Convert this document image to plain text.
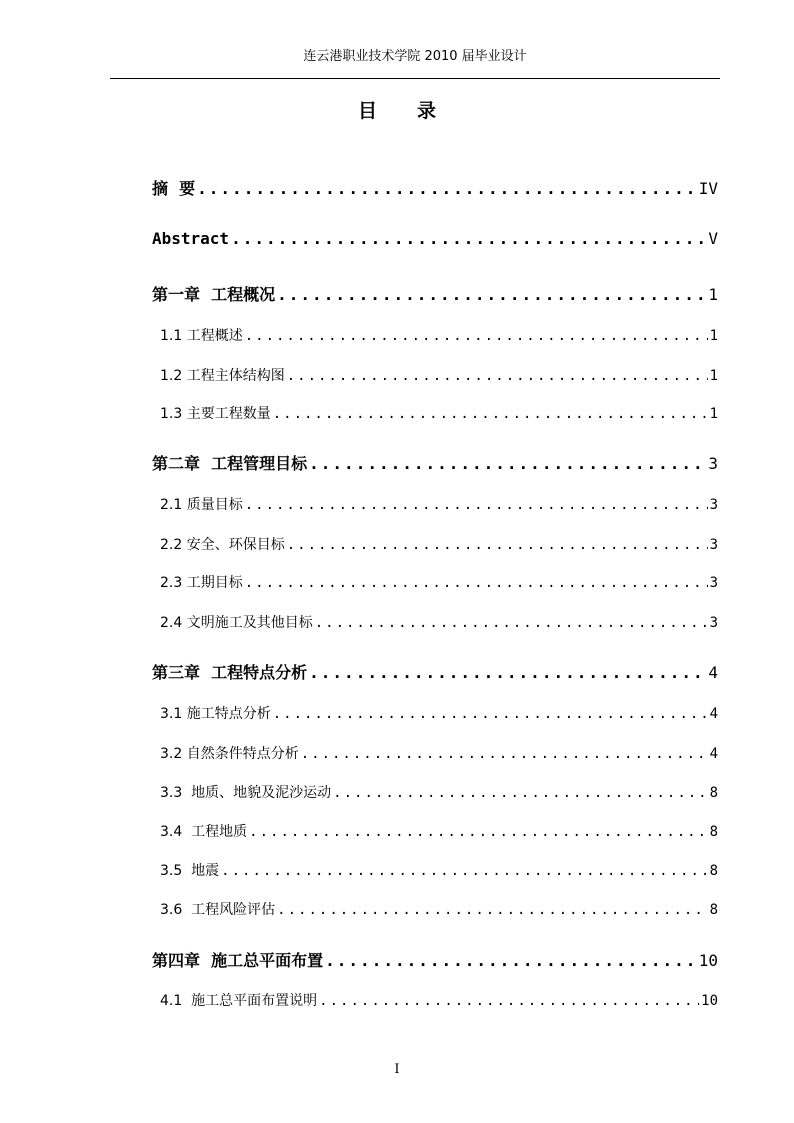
连云港职业技术学院 2010 届毕业设计
目录
摘  要 .....	IV
Abstract .....	V
第一章  工程概况 .....	1
1.1 工程概述 .....	1
1.2 工程主体结构图 .....	1
1.3 主要工程数量 .....	1
第二章  工程管理目标 .....	3
2.1 质量目标 .....	3
2.2 安全、环保目标 .....	3
2.3 工期目标 .....	3
2.4 文明施工及其他目标 .....	3
第三章  工程特点分析 .....	4
3.1 施工特点分析 .....	4
3.2 自然条件特点分析 .....	4
3.3  地质、地貌及泥沙运动 .....	8
3.4  工程地质 .....	8
3.5  地震 .....	8
3.6  工程风险评估 .....	8
第四章  施工总平面布置 .....	10
4.1  施工总平面布置说明 .....	10
I
